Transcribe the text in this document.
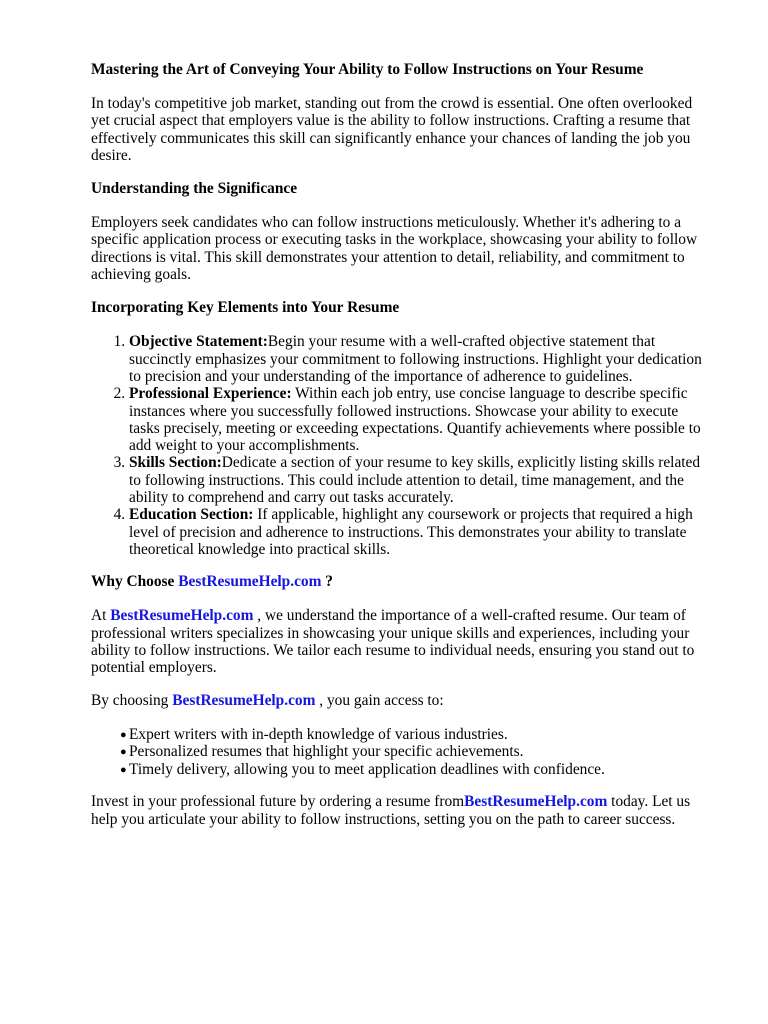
Mastering the Art of Conveying Your Ability to Follow Instructions on Your Resume

In today's competitive job market, standing out from the crowd is essential. One often overlooked yet crucial aspect that employers value is the ability to follow instructions. Crafting a resume that effectively communicates this skill can significantly enhance your chances of landing the job you desire.

Understanding the Significance

Employers seek candidates who can follow instructions meticulously. Whether it's adhering to a specific application process or executing tasks in the workplace, showcasing your ability to follow directions is vital. This skill demonstrates your attention to detail, reliability, and commitment to achieving goals.

Incorporating Key Elements into Your Resume
1. Objective Statement:Begin your resume with a well-crafted objective statement that succinctly emphasizes your commitment to following instructions. Highlight your dedication to precision and your understanding of the importance of adherence to guidelines.
2. Professional Experience: Within each job entry, use concise language to describe specific instances where you successfully followed instructions. Showcase your ability to execute tasks precisely, meeting or exceeding expectations. Quantify achievements where possible to add weight to your accomplishments.
3. Skills Section:Dedicate a section of your resume to key skills, explicitly listing skills related to following instructions. This could include attention to detail, time management, and the ability to comprehend and carry out tasks accurately.
4. Education Section: If applicable, highlight any coursework or projects that required a high level of precision and adherence to instructions. This demonstrates your ability to translate theoretical knowledge into practical skills.
Why Choose BestResumeHelp.com ?

At BestResumeHelp.com , we understand the importance of a well-crafted resume. Our team of professional writers specializes in showcasing your unique skills and experiences, including your ability to follow instructions. We tailor each resume to individual needs, ensuring you stand out to potential employers.

By choosing BestResumeHelp.com , you gain access to:

● Expert writers with in-depth knowledge of various industries.
● Personalized resumes that highlight your specific achievements.
● Timely delivery, allowing you to meet application deadlines with confidence.

Invest in your professional future by ordering a resume fromBestResumeHelp.com today. Let us help you articulate your ability to follow instructions, setting you on the path to career success.
